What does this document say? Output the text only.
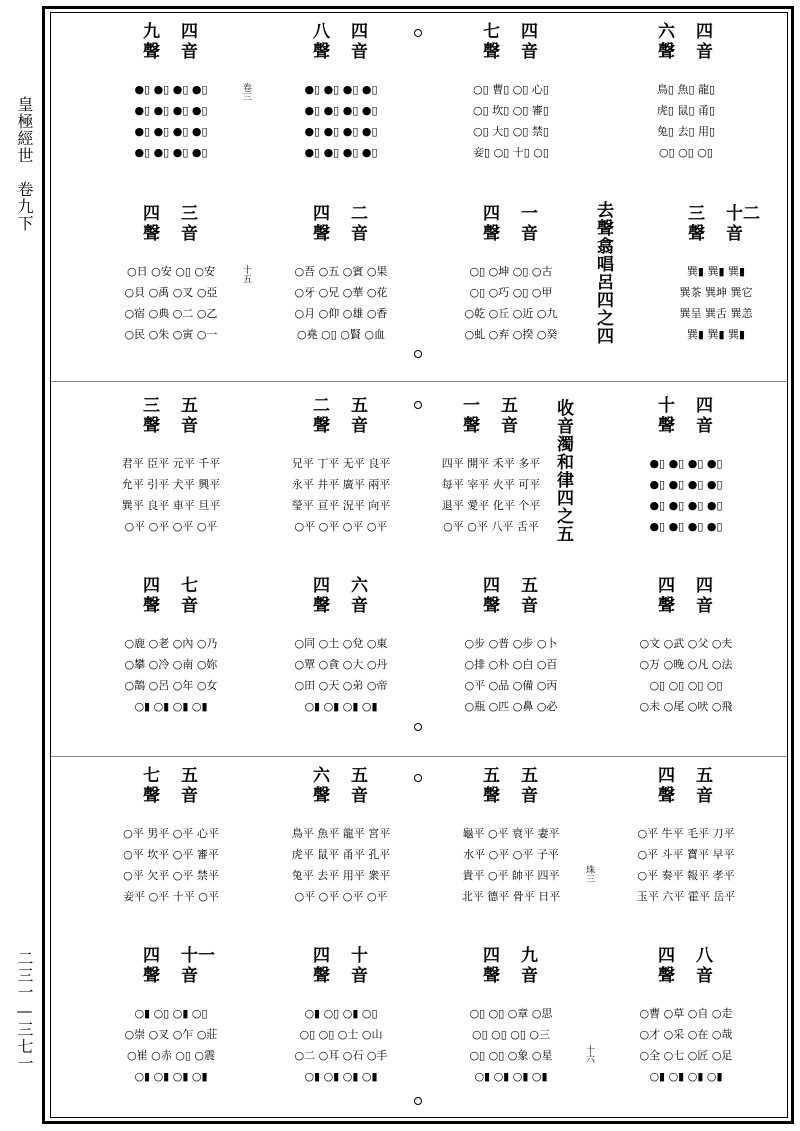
皇極經世　卷九下
二三一—三七一
去聲翕唱呂四之四
收音濁和律四之五
九 四
聲 音
●▯ ●▯ ●▯ ●▯
●▯ ●▯ ●▯ ●▯
●▯ ●▯ ●▯ ●▯
●▯ ●▯ ●▯ ●▯
卷三
八 四
聲 音
●▯ ●▯ ●▯ ●▯
●▯ ●▯ ●▯ ●▯
●▯ ●▯ ●▯ ●▯
●▯ ●▯ ●▯ ●▯
七 四
聲 音
○▯ 曹▯ ○▯ 心▯
○▯ 坎▯ ○▯ 審▯
○▯ 大▯ ○▯ 禁▯
妾▯ ○▯ 十▯ ○▯
六 四
聲 音
鳥▯ 魚▯ 龍▯
虎▯ 鼠▯ 甬▯
兔▯ 去▯ 用▯
○▯ ○▯ ○▯
四 三
聲 音
○日 ○安 ○▯ ○安
○貝 ○禹 ○叉 ○亞
○宿 ○典 ○二 ○乙
○民 ○朱 ○寅 ○一
十五
四 二
聲 音
○吾 ○五 ○賓 ○果
○牙 ○兄 ○華 ○花
○月 ○仰 ○雄 ○香
○堯 ○▯ ○賢 ○血
四 一
聲 音
○▯ ○坤 ○▯ ○古
○▯ ○巧 ○▯ ○甲
○乾 ○丘 ○近 ○九
○虬 ○弃 ○揆 ○癸
三 十二
聲 音
巽▮ 巽▮ 巽▮
巽茶 巽坤 巽它
巽呈 巽舌 巽恙
巽▮ 巽▮ 巽▮
三 五
聲 音
君平 臣平 元平 千平
允平 引平 犬平 興平
巽平 良平 車平 旦平
○平 ○平 ○平 ○平
二 五
聲 音
兄平 丁平 无平 良平
永平 井平 廣平 兩平
瑩平 亘平 況平 向平
○平 ○平 ○平 ○平
一 五
聲 音
四平 開平 禾平 多平
每平 宰平 火平 可平
退平 愛平 化平 个平
○平 ○平 八平 舌平
十 四
聲 音
●▯ ●▯ ●▯ ●▯
●▯ ●▯ ●▯ ●▯
●▯ ●▯ ●▯ ●▯
●▯ ●▯ ●▯ ●▯
四 七
聲 音
○鹿 ○老 ○內 ○乃
○攀 ○冷 ○南 ○妳
○鵲 ○呂 ○年 ○女
○▮ ○▮ ○▮ ○▮
四 六
聲 音
○同 ○土 ○兌 ○東
○覃 ○貪 ○大 ○丹
○田 ○天 ○弟 ○帝
○▮ ○▮ ○▮ ○▮
四 五
聲 音
○步 ○普 ○步 ○卜
○排 ○朴 ○白 ○百
○平 ○品 ○備 ○丙
○瓶 ○匹 ○鼻 ○必
四 四
聲 音
○文 ○武 ○父 ○夫
○万 ○晚 ○凡 ○法
○▯ ○▯ ○▯ ○▯
○未 ○尾 ○吠 ○飛
七 五
聲 音
○平 男平 ○平 心平
○平 坎平 ○平 審平
○平 欠平 ○平 禁平
妾平 ○平 十平 ○平
六 五
聲 音
鳥平 魚平 龍平 宮平
虎平 鼠平 甬平 孔平
兔平 去平 用平 衆平
○平 ○平 ○平 ○平
五 五
聲 音
龜平 ○平 衰平 妻平
水平 ○平 ○平 子平
貴平 ○平 帥平 四平
北平 德平 骨平 日平
四 五
聲 音
○平 牛平 毛平 刀平
○平 斗平 寶平 早平
○平 奏平 報平 孝平
玉平 六平 霍平 岳平
珠三
四 十一
聲 音
○▮ ○▯ ○▮ ○▯
○崇 ○叉 ○乍 ○莊
○崔 ○赤 ○▯ ○震
○▮ ○▮ ○▮ ○▮
四 十
聲 音
○▮ ○▯ ○▮ ○▯
○▯ ○▯ ○士 ○山
○二 ○耳 ○石 ○手
○▮ ○▮ ○▮ ○▮
四 九
聲 音
○▯ ○▯ ○章 ○思
○▯ ○▯ ○▯ ○三
○▯ ○▯ ○象 ○星
○▮ ○▮ ○▮ ○▮
四 八
聲 音
○曹 ○草 ○自 ○走
○才 ○采 ○在 ○哉
○全 ○七 ○匠 ○足
○▮ ○▮ ○▮ ○▮
十六
